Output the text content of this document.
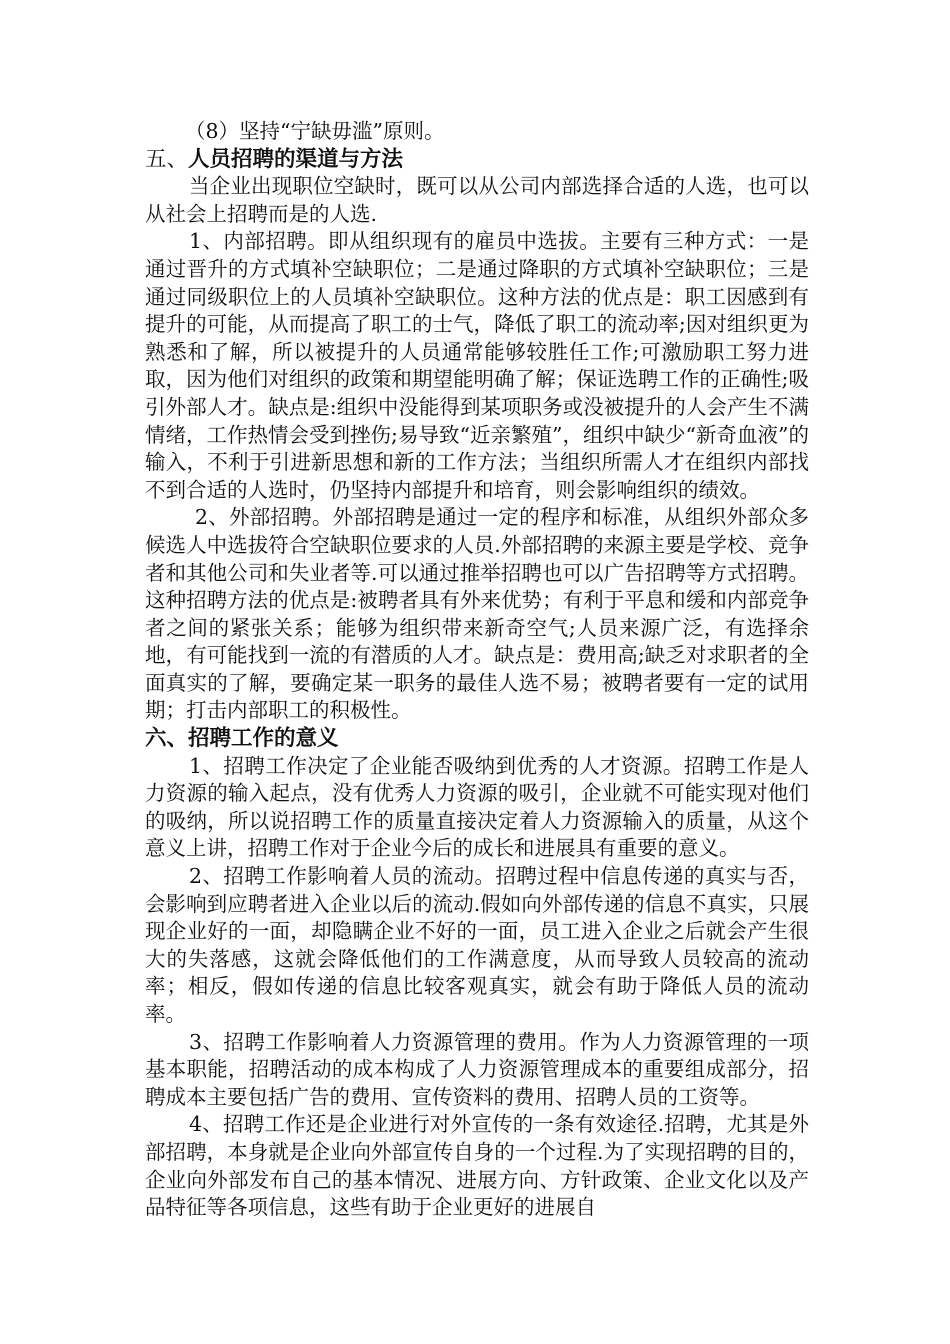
（8）坚持“宁缺毋滥”原则。

五、人员招聘的渠道与方法

当企业出现职位空缺时，既可以从公司内部选择合适的人选，也可以从社会上招聘而是的人选.

1、内部招聘。即从组织现有的雇员中选拔。主要有三种方式：一是通过晋升的方式填补空缺职位；二是通过降职的方式填补空缺职位；三是通过同级职位上的人员填补空缺职位。这种方法的优点是：职工因感到有提升的可能，从而提高了职工的士气，降低了职工的流动率;因对组织更为熟悉和了解，所以被提升的人员通常能够较胜任工作;可激励职工努力进取，因为他们对组织的政策和期望能明确了解；保证选聘工作的正确性;吸引外部人才。缺点是:组织中没能得到某项职务或没被提升的人会产生不满情绪，工作热情会受到挫伤;易导致“近亲繁殖”，组织中缺少“新奇血液”的输入，不利于引进新思想和新的工作方法；当组织所需人才在组织内部找不到合适的人选时，仍坚持内部提升和培育，则会影响组织的绩效。

2、外部招聘。外部招聘是通过一定的程序和标准，从组织外部众多候选人中选拔符合空缺职位要求的人员.外部招聘的来源主要是学校、竞争者和其他公司和失业者等.可以通过推举招聘也可以广告招聘等方式招聘。这种招聘方法的优点是:被聘者具有外来优势；有利于平息和缓和内部竞争者之间的紧张关系；能够为组织带来新奇空气;人员来源广泛，有选择余地，有可能找到一流的有潜质的人才。缺点是：费用高;缺乏对求职者的全面真实的了解，要确定某一职务的最佳人选不易；被聘者要有一定的试用期；打击内部职工的积极性。

六、招聘工作的意义

1、招聘工作决定了企业能否吸纳到优秀的人才资源。招聘工作是人力资源的输入起点，没有优秀人力资源的吸引，企业就不可能实现对他们的吸纳，所以说招聘工作的质量直接决定着人力资源输入的质量，从这个意义上讲，招聘工作对于企业今后的成长和进展具有重要的意义。

2、招聘工作影响着人员的流动。招聘过程中信息传递的真实与否，会影响到应聘者进入企业以后的流动.假如向外部传递的信息不真实，只展现企业好的一面，却隐瞒企业不好的一面，员工进入企业之后就会产生很大的失落感，这就会降低他们的工作满意度，从而导致人员较高的流动率；相反，假如传递的信息比较客观真实，就会有助于降低人员的流动率。

3、招聘工作影响着人力资源管理的费用。作为人力资源管理的一项基本职能，招聘活动的成本构成了人力资源管理成本的重要组成部分，招聘成本主要包括广告的费用、宣传资料的费用、招聘人员的工资等。

4、招聘工作还是企业进行对外宣传的一条有效途径.招聘，尤其是外部招聘，本身就是企业向外部宣传自身的一个过程.为了实现招聘的目的，企业向外部发布自己的基本情况、进展方向、方针政策、企业文化以及产品特征等各项信息，这些有助于企业更好的进展自
